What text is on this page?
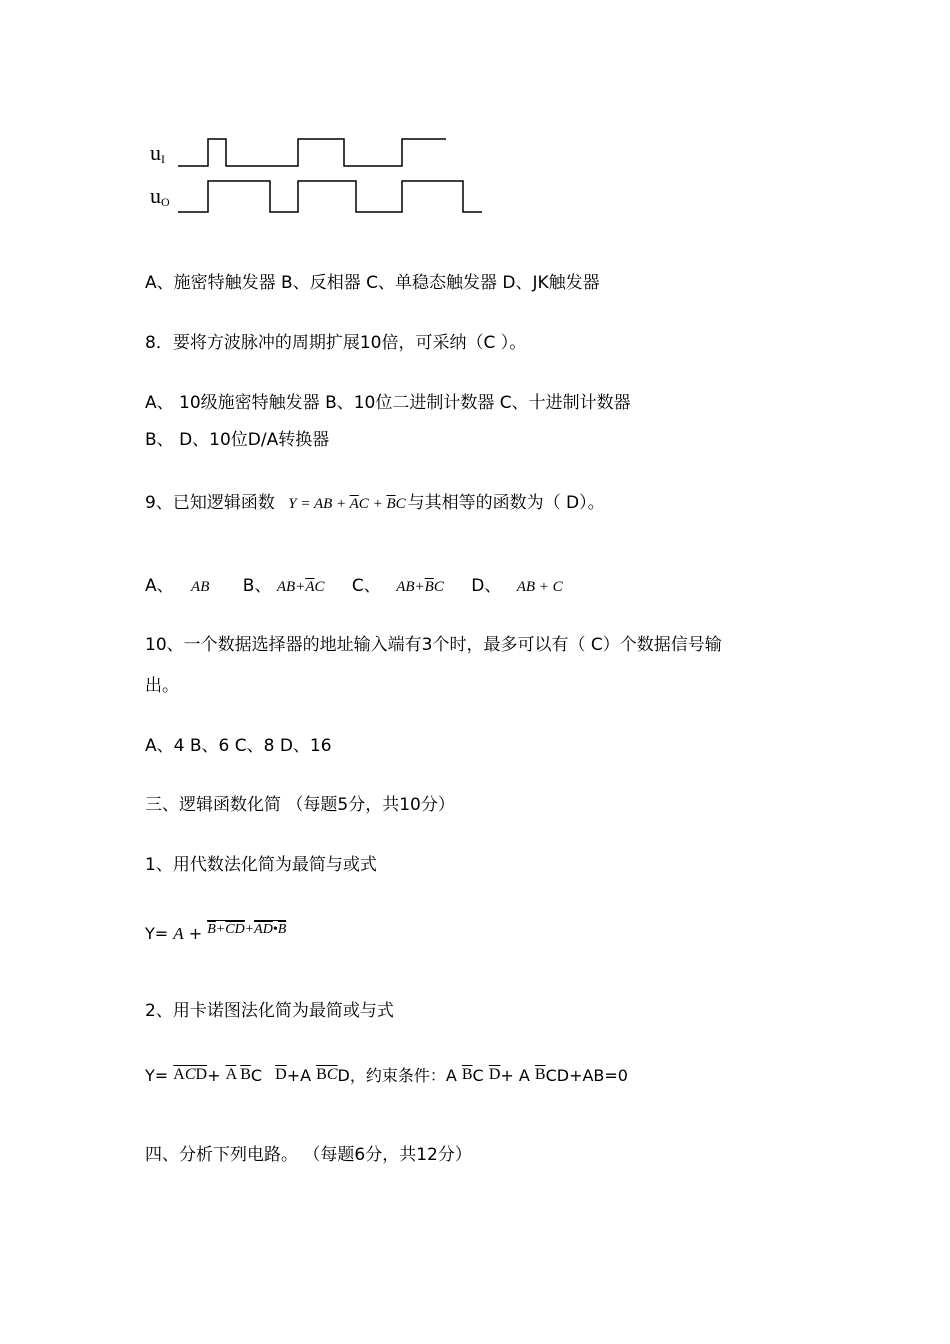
uI
uO
A、施密特触发器 B、反相器 C、单稳态触发器 D、JK触发器
8．要将方波脉冲的周期扩展10倍，可采纳（C ）。
A、 10级施密特触发器 B、10位二进制计数器 C、十进制计数器
B、 D、10位D/A转换器
9、已知逻辑函数 Y = AB + $\overline{A}C + \overline{B}C$ 与其相等的函数为（ D）。
A、 AB B、 $AB+\overline{A}C$ C、 $AB+\overline{B}C$ D、 AB + C
10、一个数据选择器的地址输入端有3个时，最多可以有（ C）个数据信号输
出。
A、4 B、6 C、8 D、16
三、逻辑函数化简 （每题5分，共10分）
1、用代数法化简为最简与或式
$Y= A + \overline{B}+\overline{CD}+\overline{AD}•\overline{B}$
2、用卡诺图法化简为最简或与式
$Y= \overline{A}\overline{C}\overline{D}+ \overline{A}$ $\overline{B}C$ $\overline{D}+A$ $\overline{B}\overline{C}D$，约束条件：A $\overline{B}C$ $\overline{D}+ A$ $\overline{B}CD+AB=0$
四、分析下列电路。 （每题6分，共12分）
